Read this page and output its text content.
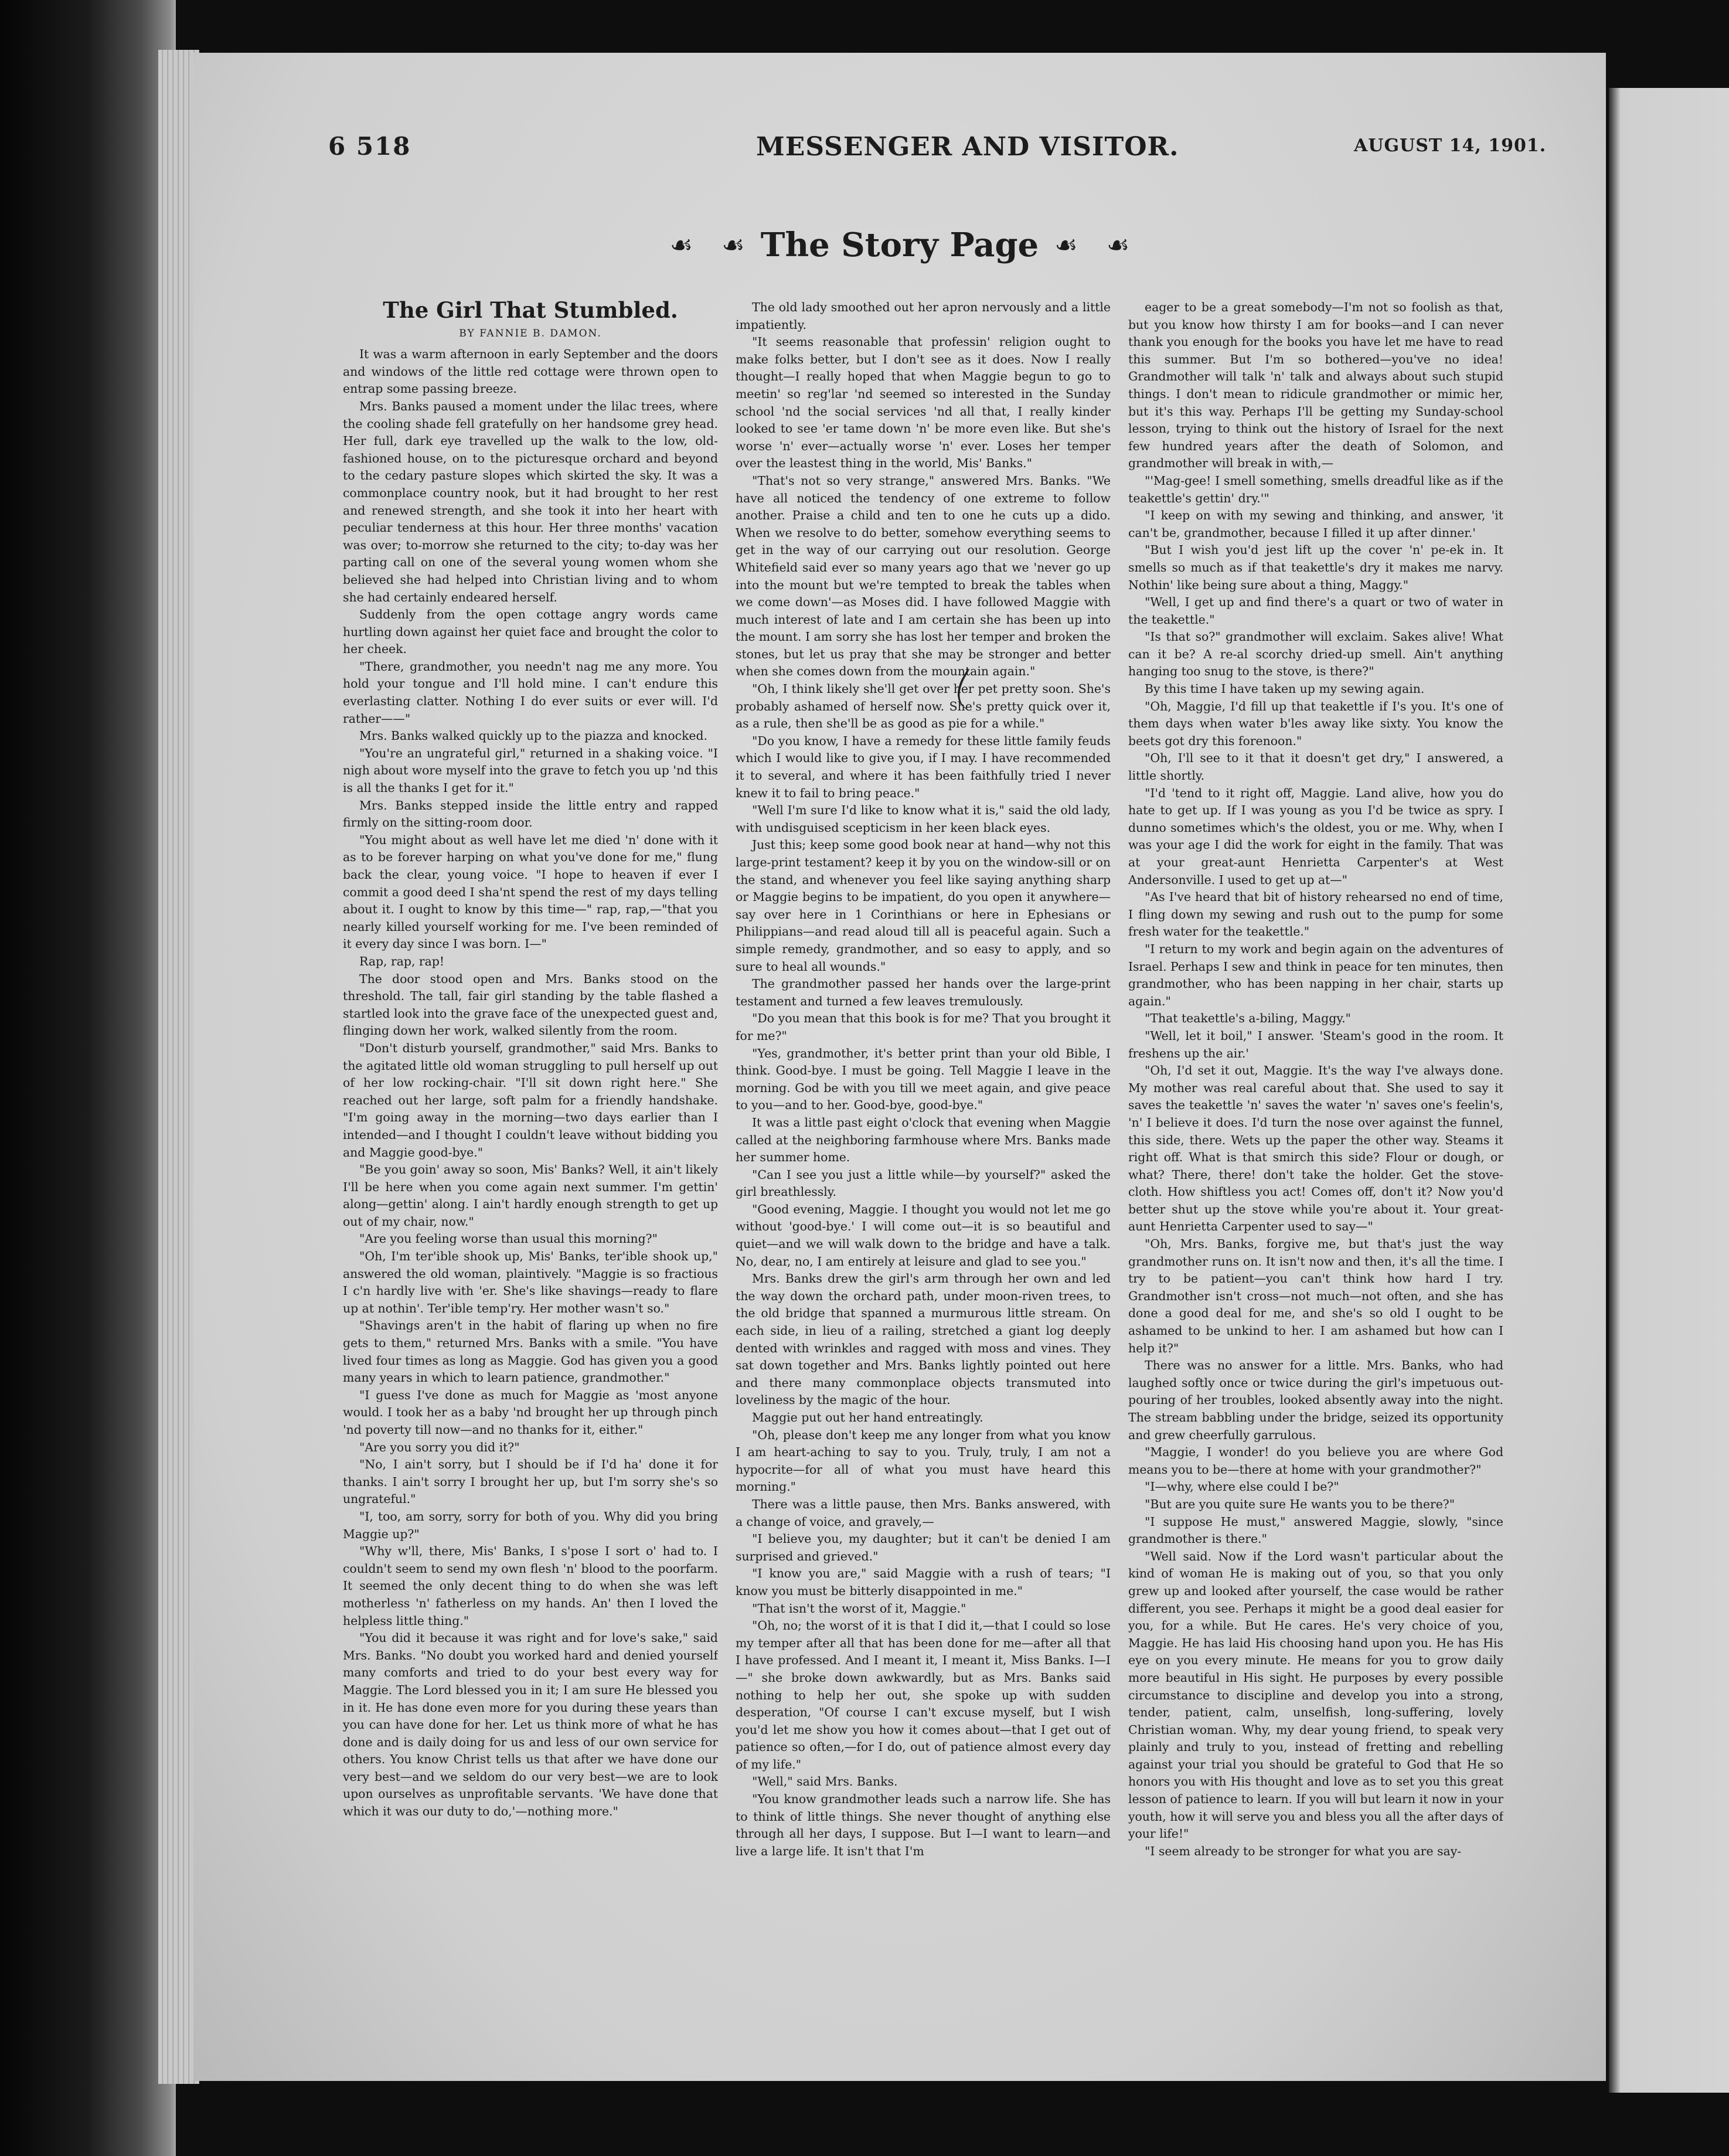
6 518	MESSENGER AND VISITOR.	AUGUST 14, 1901.
☙ ☙ The Story Page ☙ ☙
The Girl That Stumbled.
BY FANNIE B. DAMON.

It was a warm afternoon in early September and the doors and windows of the little red cottage were thrown open to entrap some passing breeze.

Mrs. Banks paused a moment under the lilac trees, where the cooling shade fell gratefully on her handsome grey head. Her full, dark eye travelled up the walk to the low, old-fashioned house, on to the picturesque orchard and beyond to the cedary pasture slopes which skirted the sky. It was a commonplace country nook, but it had brought to her rest and renewed strength, and she took it into her heart with peculiar tenderness at this hour. Her three months' vacation was over; to-morrow she returned to the city; to-day was her parting call on one of the several young women whom she believed she had helped into Christian living and to whom she had certainly endeared herself.

Suddenly from the open cottage angry words came hurtling down against her quiet face and brought the color to her cheek.

"There, grandmother, you needn't nag me any more. You hold your tongue and I'll hold mine. I can't endure this everlasting clatter. Nothing I do ever suits or ever will. I'd rather——"

Mrs. Banks walked quickly up to the piazza and knocked.

"You're an ungrateful girl," returned in a shaking voice. "I nigh about wore myself into the grave to fetch you up 'nd this is all the thanks I get for it."

Mrs. Banks stepped inside the little entry and rapped firmly on the sitting-room door.

"You might about as well have let me died 'n' done with it as to be forever harping on what you've done for me," flung back the clear, young voice. "I hope to heaven if ever I commit a good deed I sha'nt spend the rest of my days telling about it. I ought to know by this time—" rap, rap,—"that you nearly killed yourself working for me. I've been reminded of it every day since I was born. I—"

Rap, rap, rap!

The door stood open and Mrs. Banks stood on the threshold. The tall, fair girl standing by the table flashed a startled look into the grave face of the unexpected guest and, flinging down her work, walked silently from the room.

"Don't disturb yourself, grandmother," said Mrs. Banks to the agitated little old woman struggling to pull herself up out of her low rocking-chair. "I'll sit down right here." She reached out her large, soft palm for a friendly handshake. "I'm going away in the morning—two days earlier than I intended—and I thought I couldn't leave without bidding you and Maggie good-bye."

"Be you goin' away so soon, Mis' Banks? Well, it ain't likely I'll be here when you come again next summer. I'm gettin' along—gettin' along. I ain't hardly enough strength to get up out of my chair, now."

"Are you feeling worse than usual this morning?"

"Oh, I'm ter'ible shook up, Mis' Banks, ter'ible shook up," answered the old woman, plaintively. "Maggie is so fractious I c'n hardly live with 'er. She's like shavings—ready to flare up at nothin'. Ter'ible temp'ry. Her mother wasn't so."

"Shavings aren't in the habit of flaring up when no fire gets to them," returned Mrs. Banks with a smile. "You have lived four times as long as Maggie. God has given you a good many years in which to learn patience, grandmother."

"I guess I've done as much for Maggie as 'most anyone would. I took her as a baby 'nd brought her up through pinch 'nd poverty till now—and no thanks for it, either."

"Are you sorry you did it?"

"No, I ain't sorry, but I should be if I'd ha' done it for thanks. I ain't sorry I brought her up, but I'm sorry she's so ungrateful."

"I, too, am sorry, sorry for both of you. Why did you bring Maggie up?"

"Why w'll, there, Mis' Banks, I s'pose I sort o' had to. I couldn't seem to send my own flesh 'n' blood to the poorfarm. It seemed the only decent thing to do when she was left motherless 'n' fatherless on my hands. An' then I loved the helpless little thing."

"You did it because it was right and for love's sake," said Mrs. Banks. "No doubt you worked hard and denied yourself many comforts and tried to do your best every way for Maggie. The Lord blessed you in it; I am sure He blessed you in it. He has done even more for you during these years than you can have done for her. Let us think more of what he has done and is daily doing for us and less of our own service for others. You know Christ tells us that after we have done our very best—and we seldom do our very best—we are to look upon ourselves as unprofitable servants. 'We have done that which it was our duty to do,'—nothing more."

The old lady smoothed out her apron nervously and a little impatiently.

"It seems reasonable that professin' religion ought to make folks better, but I don't see as it does. Now I really thought—I really hoped that when Maggie begun to go to meetin' so reg'lar 'nd seemed so interested in the Sunday school 'nd the social services 'nd all that, I really kinder looked to see 'er tame down 'n' be more even like. But she's worse 'n' ever—actually worse 'n' ever. Loses her temper over the leastest thing in the world, Mis' Banks."

"That's not so very strange," answered Mrs. Banks. "We have all noticed the tendency of one extreme to follow another. Praise a child and ten to one he cuts up a dido. When we resolve to do better, somehow everything seems to get in the way of our carrying out our resolution. George Whitefield said ever so many years ago that we 'never go up into the mount but we're tempted to break the tables when we come down'—as Moses did. I have followed Maggie with much interest of late and I am certain she has been up into the mount. I am sorry she has lost her temper and broken the stones, but let us pray that she may be stronger and better when she comes down from the mountain again."

"Oh, I think likely she'll get over her pet pretty soon. She's probably ashamed of herself now. She's pretty quick over it, as a rule, then she'll be as good as pie for a while."

"Do you know, I have a remedy for these little family feuds which I would like to give you, if I may. I have recommended it to several, and where it has been faithfully tried I never knew it to fail to bring peace."

"Well I'm sure I'd like to know what it is," said the old lady, with undisguised scepticism in her keen black eyes.

Just this; keep some good book near at hand—why not this large-print testament? keep it by you on the window-sill or on the stand, and whenever you feel like saying anything sharp or Maggie begins to be impatient, do you open it anywhere—say over here in 1 Corinthians or here in Ephesians or Philippians—and read aloud till all is peaceful again. Such a simple remedy, grandmother, and so easy to apply, and so sure to heal all wounds."

The grandmother passed her hands over the large-print testament and turned a few leaves tremulously.

"Do you mean that this book is for me? That you brought it for me?"

"Yes, grandmother, it's better print than your old Bible, I think. Good-bye. I must be going. Tell Maggie I leave in the morning. God be with you till we meet again, and give peace to you—and to her. Good-bye, good-bye."

It was a little past eight o'clock that evening when Maggie called at the neighboring farmhouse where Mrs. Banks made her summer home.

"Can I see you just a little while—by yourself?" asked the girl breathlessly.

"Good evening, Maggie. I thought you would not let me go without 'good-bye.' I will come out—it is so beautiful and quiet—and we will walk down to the bridge and have a talk. No, dear, no, I am entirely at leisure and glad to see you."

Mrs. Banks drew the girl's arm through her own and led the way down the orchard path, under moon-riven trees, to the old bridge that spanned a murmurous little stream. On each side, in lieu of a railing, stretched a giant log deeply dented with wrinkles and ragged with moss and vines. They sat down together and Mrs. Banks lightly pointed out here and there many commonplace objects transmuted into loveliness by the magic of the hour.

Maggie put out her hand entreatingly.

"Oh, please don't keep me any longer from what you know I am heart-aching to say to you. Truly, truly, I am not a hypocrite—for all of what you must have heard this morning."

There was a little pause, then Mrs. Banks answered, with a change of voice, and gravely,—

"I believe you, my daughter; but it can't be denied I am surprised and grieved."

"I know you are," said Maggie with a rush of tears; "I know you must be bitterly disappointed in me."

"That isn't the worst of it, Maggie."

"Oh, no; the worst of it is that I did it,—that I could so lose my temper after all that has been done for me—after all that I have professed. And I meant it, I meant it, Miss Banks. I—I—" she broke down awkwardly, but as Mrs. Banks said nothing to help her out, she spoke up with sudden desperation, "Of course I can't excuse myself, but I wish you'd let me show you how it comes about—that I get out of patience so often,—for I do, out of patience almost every day of my life."

"Well," said Mrs. Banks.

"You know grandmother leads such a narrow life. She has to think of little things. She never thought of anything else through all her days, I suppose. But I—I want to learn—and live a large life. It isn't that I'm

eager to be a great somebody—I'm not so foolish as that, but you know how thirsty I am for books—and I can never thank you enough for the books you have let me have to read this summer. But I'm so bothered—you've no idea! Grandmother will talk 'n' talk and always about such stupid things. I don't mean to ridicule grandmother or mimic her, but it's this way. Perhaps I'll be getting my Sunday-school lesson, trying to think out the history of Israel for the next few hundred years after the death of Solomon, and grandmother will break in with,—

"'Mag-gee! I smell something, smells dreadful like as if the teakettle's gettin' dry.'"

"I keep on with my sewing and thinking, and answer, 'it can't be, grandmother, because I filled it up after dinner.'

"But I wish you'd jest lift up the cover 'n' pe-ek in. It smells so much as if that teakettle's dry it makes me narvy. Nothin' like being sure about a thing, Maggy."

"Well, I get up and find there's a quart or two of water in the teakettle."

"Is that so?" grandmother will exclaim. Sakes alive! What can it be? A re-al scorchy dried-up smell. Ain't anything hanging too snug to the stove, is there?"

By this time I have taken up my sewing again.

"Oh, Maggie, I'd fill up that teakettle if I's you. It's one of them days when water b'les away like sixty. You know the beets got dry this forenoon."

"Oh, I'll see to it that it doesn't get dry," I answered, a little shortly.

"I'd 'tend to it right off, Maggie. Land alive, how you do hate to get up. If I was young as you I'd be twice as spry. I dunno sometimes which's the oldest, you or me. Why, when I was your age I did the work for eight in the family. That was at your great-aunt Henrietta Carpenter's at West Andersonville. I used to get up at—"

"As I've heard that bit of history rehearsed no end of time, I fling down my sewing and rush out to the pump for some fresh water for the teakettle."

"I return to my work and begin again on the adventures of Israel. Perhaps I sew and think in peace for ten minutes, then grandmother, who has been napping in her chair, starts up again."

"That teakettle's a-biling, Maggy."

"Well, let it boil," I answer. 'Steam's good in the room. It freshens up the air.'

"Oh, I'd set it out, Maggie. It's the way I've always done. My mother was real careful about that. She used to say it saves the teakettle 'n' saves the water 'n' saves one's feelin's, 'n' I believe it does. I'd turn the nose over against the funnel, this side, there. Wets up the paper the other way. Steams it right off. What is that smirch this side? Flour or dough, or what? There, there! don't take the holder. Get the stove-cloth. How shiftless you act! Comes off, don't it? Now you'd better shut up the stove while you're about it. Your great-aunt Henrietta Carpenter used to say—"

"Oh, Mrs. Banks, forgive me, but that's just the way grandmother runs on. It isn't now and then, it's all the time. I try to be patient—you can't think how hard I try. Grandmother isn't cross—not much—not often, and she has done a good deal for me, and she's so old I ought to be ashamed to be unkind to her. I am ashamed but how can I help it?"

There was no answer for a little. Mrs. Banks, who had laughed softly once or twice during the girl's impetuous out-pouring of her troubles, looked absently away into the night. The stream babbling under the bridge, seized its opportunity and grew cheerfully garrulous.

"Maggie, I wonder! do you believe you are where God means you to be—there at home with your grandmother?"

"I—why, where else could I be?"

"But are you quite sure He wants you to be there?"

"I suppose He must," answered Maggie, slowly, "since grandmother is there."

"Well said. Now if the Lord wasn't particular about the kind of woman He is making out of you, so that you only grew up and looked after yourself, the case would be rather different, you see. Perhaps it might be a good deal easier for you, for a while. But He cares. He's very choice of you, Maggie. He has laid His choosing hand upon you. He has His eye on you every minute. He means for you to grow daily more beautiful in His sight. He purposes by every possible circumstance to discipline and develop you into a strong, tender, patient, calm, unselfish, long-suffering, lovely Christian woman. Why, my dear young friend, to speak very plainly and truly to you, instead of fretting and rebelling against your trial you should be grateful to God that He so honors you with His thought and love as to set you this great lesson of patience to learn. If you will but learn it now in your youth, how it will serve you and bless you all the after days of your life!"

"I seem already to be stronger for what you are say-
